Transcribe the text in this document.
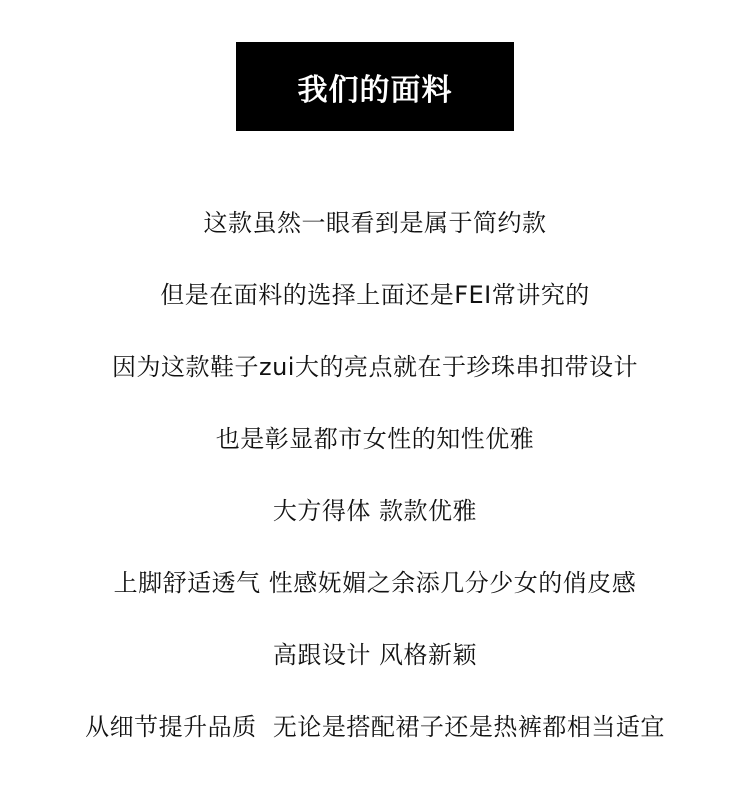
我们的面料
这款虽然一眼看到是属于简约款
但是在面料的选择上面还是FEI常讲究的
因为这款鞋子zui大的亮点就在于珍珠串扣带设计
也是彰显都市女性的知性优雅
大方得体 款款优雅
上脚舒适透气 性感妩媚之余添几分少女的俏皮感
高跟设计 风格新颖
从细节提升品质  无论是搭配裙子还是热裤都相当适宜
